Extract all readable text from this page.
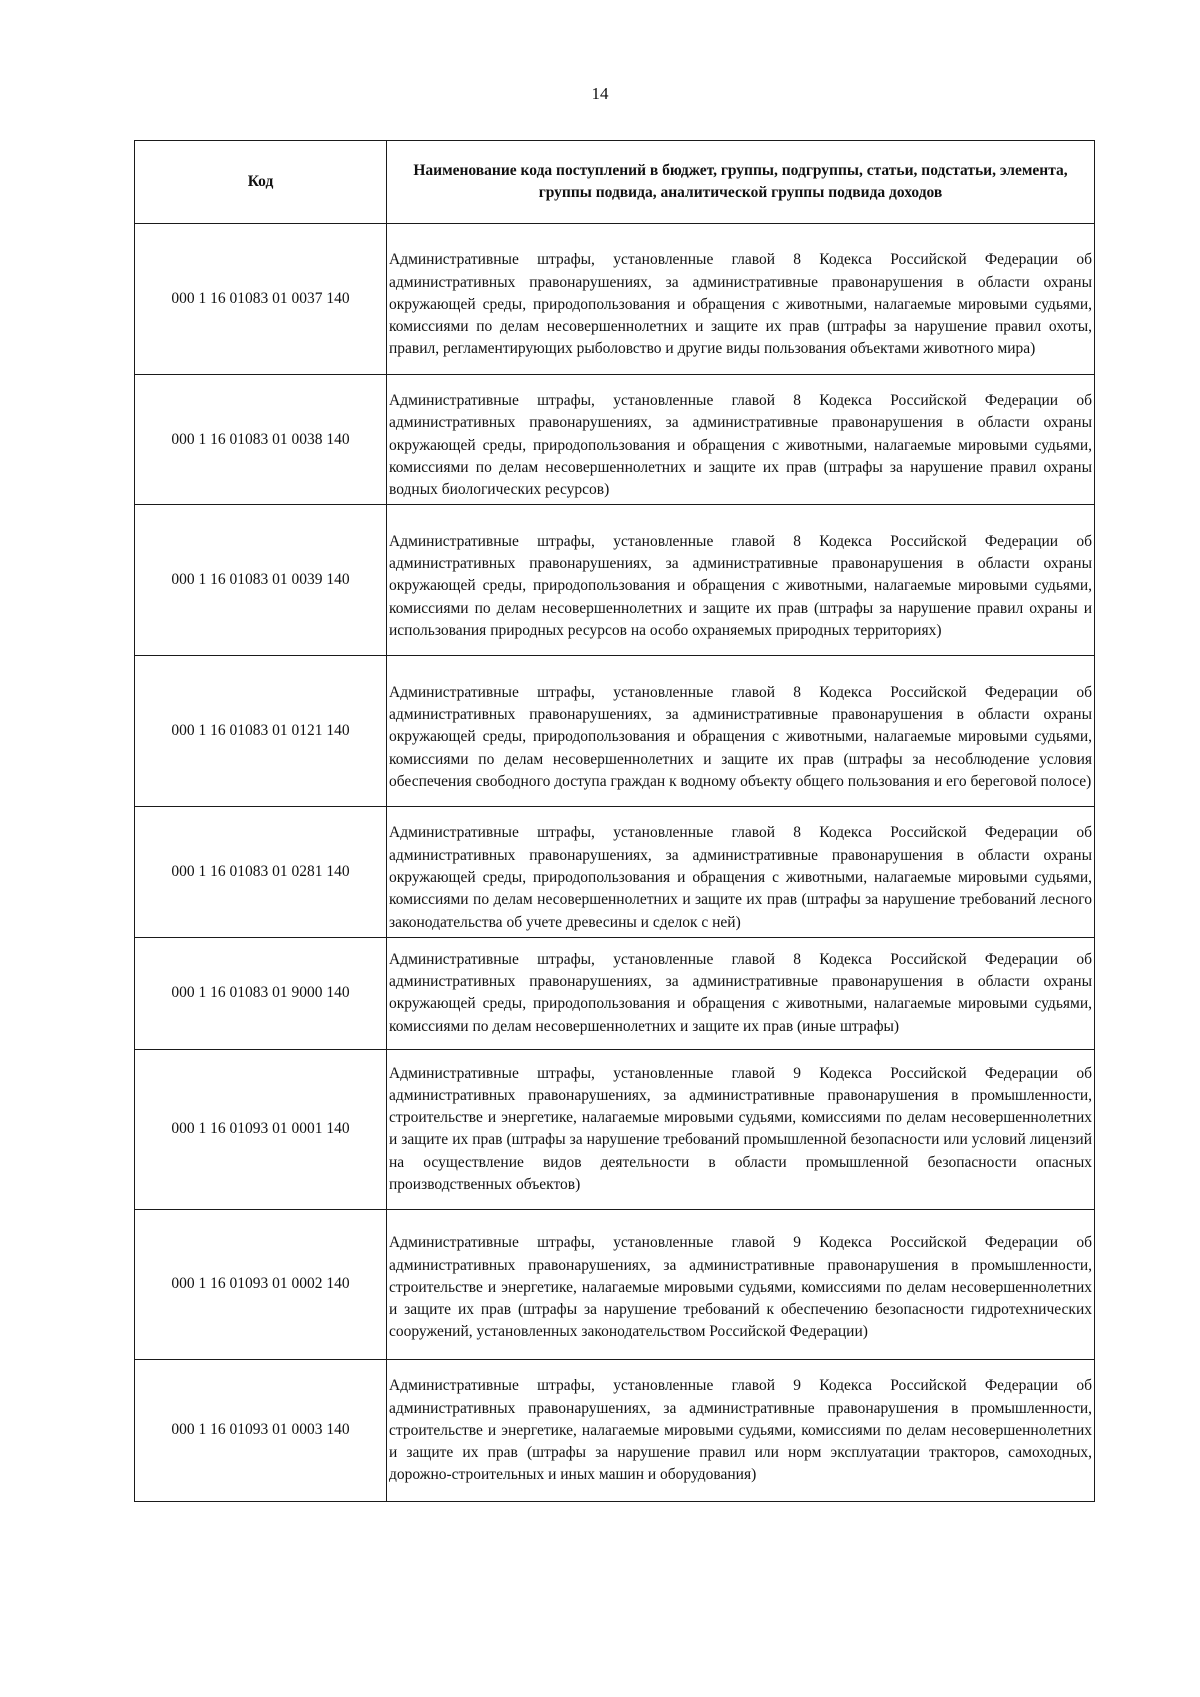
14
Код	Наименование кода поступлений в бюджет, группы, подгруппы, статьи, подстатьи, элемента, группы подвида, аналитической группы подвида доходов
000 1 16 01083 01 0037 140	Административные штрафы, установленные главой 8 Кодекса Российской Федерации об административных правонарушениях, за административные правонарушения в области охраны окружающей среды, природопользования и обращения с животными, налагаемые мировыми судьями, комиссиями по делам несовершеннолетних и защите их прав (штрафы за нарушение правил охоты, правил, регламентирующих рыболовство и другие виды пользования объектами животного мира)
000 1 16 01083 01 0038 140	Административные штрафы, установленные главой 8 Кодекса Российской Федерации об административных правонарушениях, за административные правонарушения в области охраны окружающей среды, природопользования и обращения с животными, налагаемые мировыми судьями, комиссиями по делам несовершеннолетних и защите их прав (штрафы за нарушение правил охраны водных биологических ресурсов)
000 1 16 01083 01 0039 140	Административные штрафы, установленные главой 8 Кодекса Российской Федерации об административных правонарушениях, за административные правонарушения в области охраны окружающей среды, природопользования и обращения с животными, налагаемые мировыми судьями, комиссиями по делам несовершеннолетних и защите их прав (штрафы за нарушение правил охраны и использования природных ресурсов на особо охраняемых природных территориях)
000 1 16 01083 01 0121 140	Административные штрафы, установленные главой 8 Кодекса Российской Федерации об административных правонарушениях, за административные правонарушения в области охраны окружающей среды, природопользования и обращения с животными, налагаемые мировыми судьями, комиссиями по делам несовершеннолетних и защите их прав (штрафы за несоблюдение условия обеспечения свободного доступа граждан к водному объекту общего пользования и его береговой полосе)
000 1 16 01083 01 0281 140	Административные штрафы, установленные главой 8 Кодекса Российской Федерации об административных правонарушениях, за административные правонарушения в области охраны окружающей среды, природопользования и обращения с животными, налагаемые мировыми судьями, комиссиями по делам несовершеннолетних и защите их прав (штрафы за нарушение требований лесного законодательства об учете древесины и сделок с ней)
000 1 16 01083 01 9000 140	Административные штрафы, установленные главой 8 Кодекса Российской Федерации об административных правонарушениях, за административные правонарушения в области охраны окружающей среды, природопользования и обращения с животными, налагаемые мировыми судьями, комиссиями по делам несовершеннолетних и защите их прав (иные штрафы)
000 1 16 01093 01 0001 140	Административные штрафы, установленные главой 9 Кодекса Российской Федерации об административных правонарушениях, за административные правонарушения в промышленности, строительстве и энергетике, налагаемые мировыми судьями, комиссиями по делам несовершеннолетних и защите их прав (штрафы за нарушение требований промышленной безопасности или условий лицензий на осуществление видов деятельности в области промышленной безопасности опасных производственных объектов)
000 1 16 01093 01 0002 140	Административные штрафы, установленные главой 9 Кодекса Российской Федерации об административных правонарушениях, за административные правонарушения в промышленности, строительстве и энергетике, налагаемые мировыми судьями, комиссиями по делам несовершеннолетних и защите их прав (штрафы за нарушение требований к обеспечению безопасности гидротехнических сооружений, установленных законодательством Российской Федерации)
000 1 16 01093 01 0003 140	Административные штрафы, установленные главой 9 Кодекса Российской Федерации об административных правонарушениях, за административные правонарушения в промышленности, строительстве и энергетике, налагаемые мировыми судьями, комиссиями по делам несовершеннолетних и защите их прав (штрафы за нарушение правил или норм эксплуатации тракторов, самоходных, дорожно-строительных и иных машин и оборудования)
